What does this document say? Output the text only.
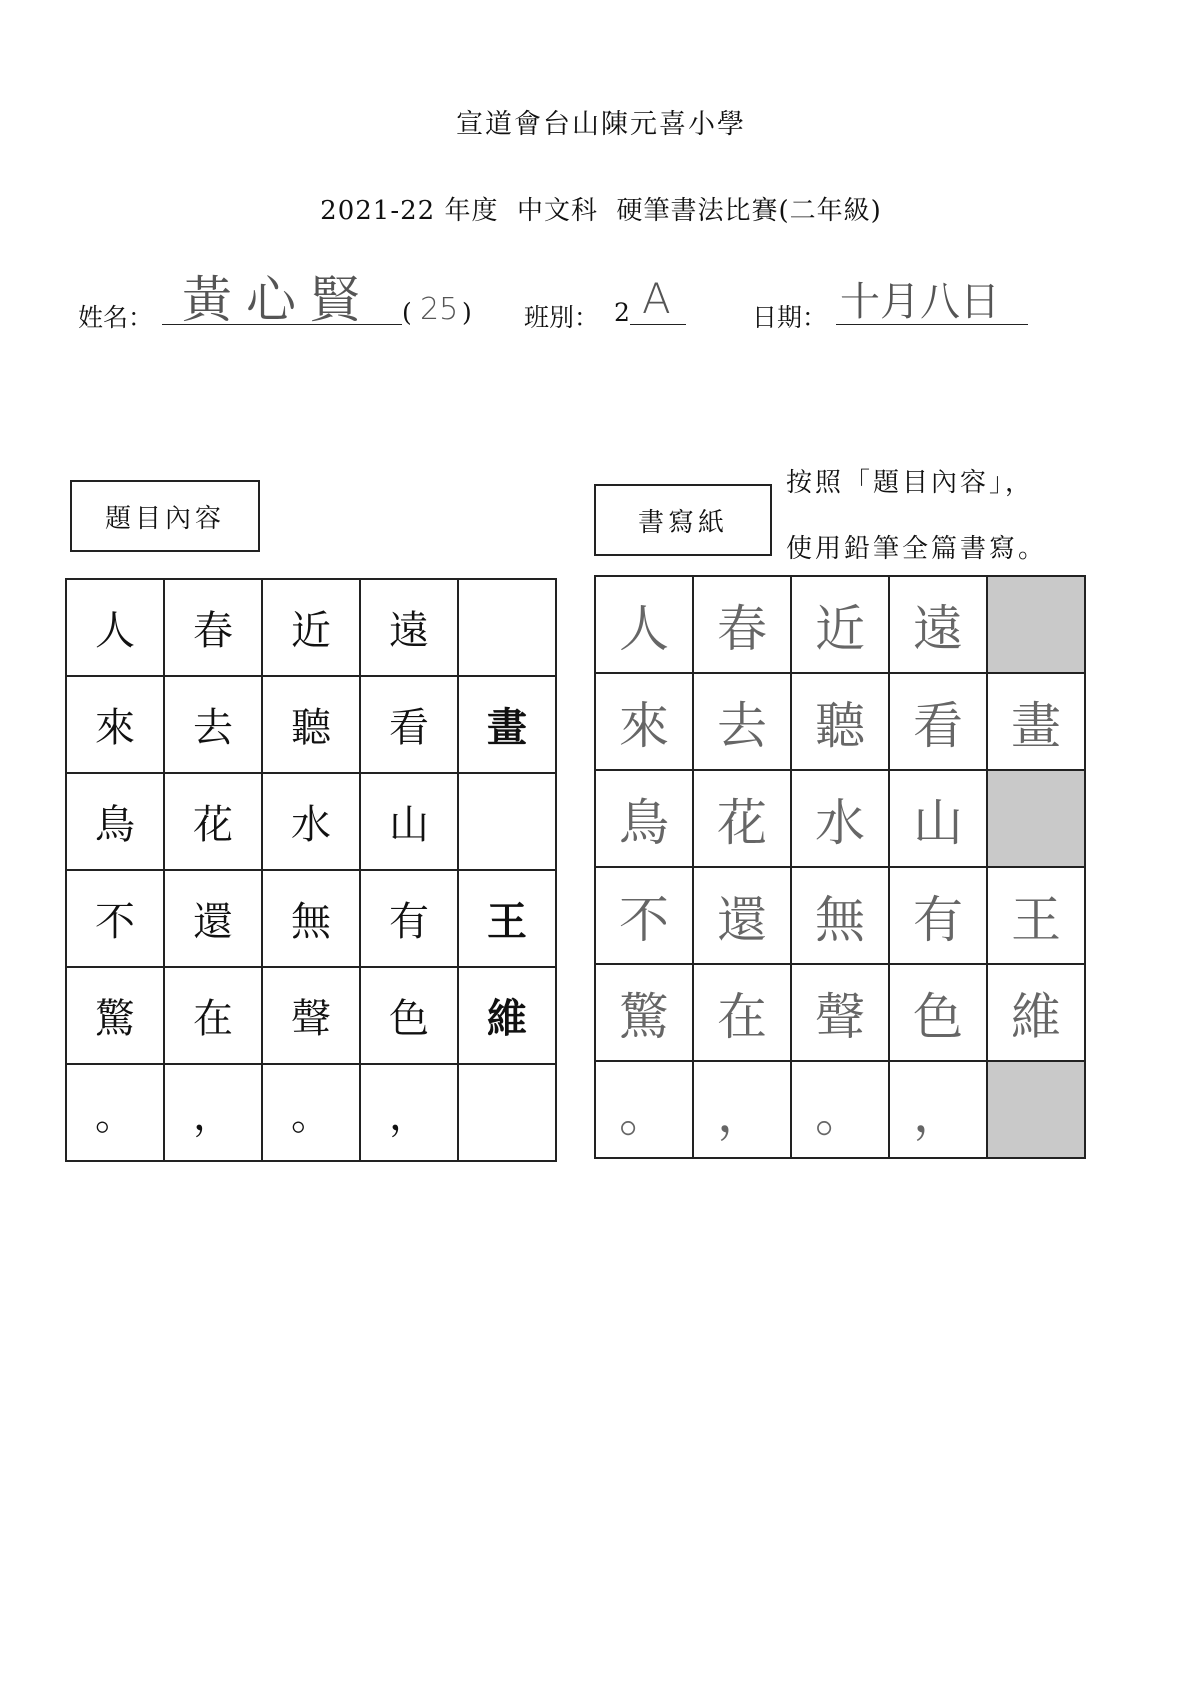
宣道會台山陳元喜小學
2021-22 年度  中文科  硬筆書法比賽(二年級)
姓名： 黃心賢 ( 25 ) 班別： 2 A	日期： 十月八日
題目內容	書寫紙
按照「題目內容」，
使用鉛筆全篇書寫。
人	春	近	遠	
來	去	聽	看	畫
鳥	花	水	山	
不	還	無	有	王
驚	在	聲	色	維
。	，	。	，	
人	春	近	遠	
來	去	聽	看	畫
鳥	花	水	山	
不	還	無	有	王
驚	在	聲	色	維
。	，	。	，	
